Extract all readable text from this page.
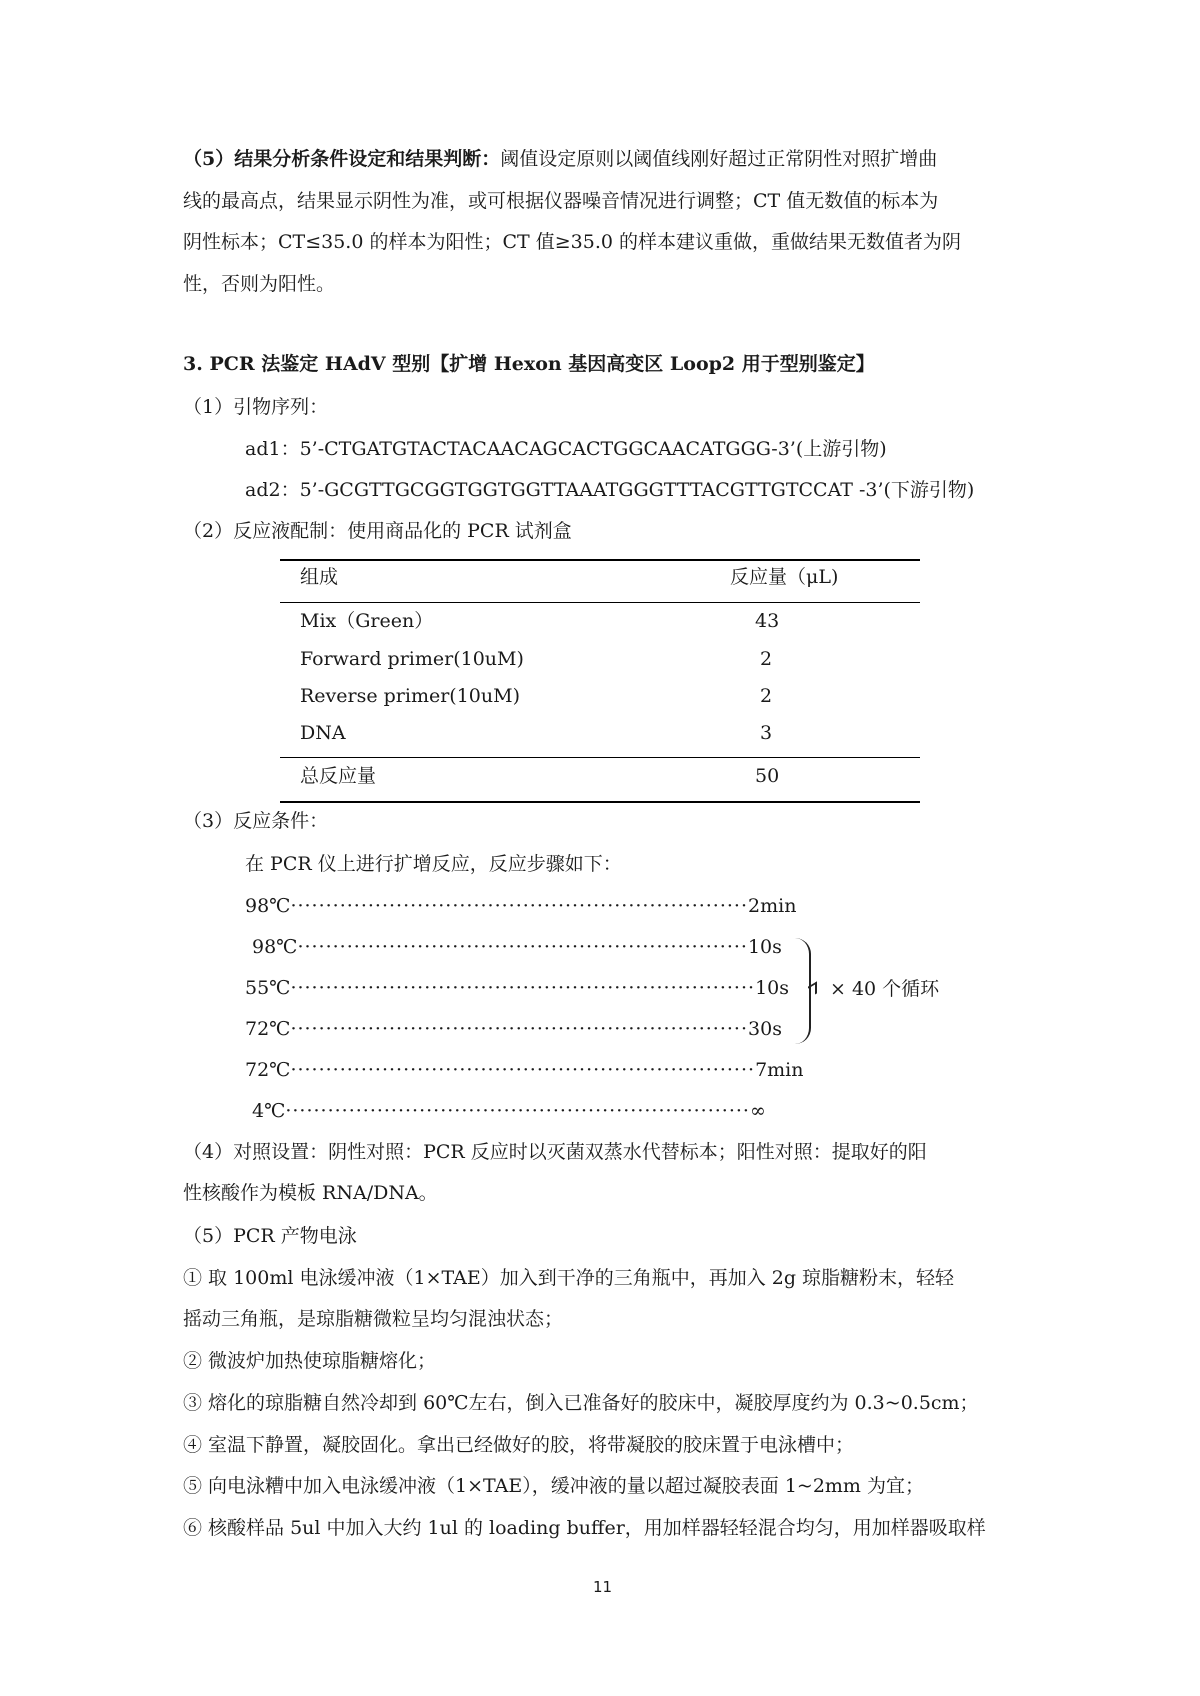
（5）结果分析条件设定和结果判断：阈值设定原则以阈值线刚好超过正常阴性对照扩增曲
线的最高点，结果显示阴性为准，或可根据仪器噪音情况进行调整；CT 值无数值的标本为
阴性标本；CT≤35.0 的样本为阳性；CT 值≥35.0 的样本建议重做，重做结果无数值者为阴
性，否则为阳性。
3. PCR 法鉴定 HAdV 型别【扩增 Hexon 基因高变区 Loop2 用于型别鉴定】
（1）引物序列：
ad1：5’-CTGATGTACTACAACAGCACTGGCAACATGGG-3’(上游引物)
ad2：5’-GCGTTGCGGTGGTGGTTAAATGGGTTTACGTTGTCCAT -3’(下游引物)
（2）反应液配制：使用商品化的 PCR 试剂盒
组成	反应量（μL)
Mix（Green）	43
Forward primer(10uM)	2
Reverse primer(10uM)	2
DNA	3
总反应量	50
（3）反应条件：
在 PCR 仪上进行扩增反应，反应步骤如下：
98℃·································································2min
98℃································································10s
55℃··································································10s
72℃·································································30s
72℃··································································7min
4℃··································································∞
× 40 个循环
（4）对照设置：阴性对照：PCR 反应时以灭菌双蒸水代替标本；阳性对照：提取好的阳
性核酸作为模板 RNA/DNA。
（5）PCR 产物电泳
① 取 100ml 电泳缓冲液（1×TAE）加入到干净的三角瓶中，再加入 2g 琼脂糖粉末，轻轻
摇动三角瓶，是琼脂糖微粒呈均匀混浊状态；
② 微波炉加热使琼脂糖熔化；
③ 熔化的琼脂糖自然冷却到 60℃左右，倒入已准备好的胶床中，凝胶厚度约为 0.3~0.5cm；
④ 室温下静置，凝胶固化。拿出已经做好的胶，将带凝胶的胶床置于电泳槽中；
⑤ 向电泳糟中加入电泳缓冲液（1×TAE），缓冲液的量以超过凝胶表面 1~2mm 为宜；
⑥ 核酸样品 5ul 中加入大约 1ul 的 loading buffer，用加样器轻轻混合均匀，用加样器吸取样
11
